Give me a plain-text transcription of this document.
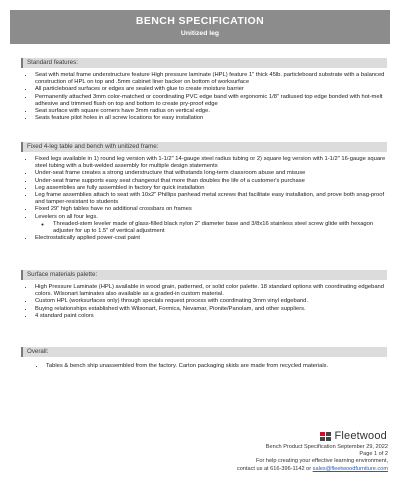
BENCH SPECIFICATION
Unitized leg
Standard features:
• Seat with metal frame understructure feature High pressure laminate (HPL) feature 1" thick 45lb. particleboard substrate with a balanced construction of HPL on top and .5mm cabinet liner backer on bottom of worksurface
• All particleboard surfaces or edges are sealed with glue to create moisture barrier
• Permanently attached 3mm color-matched or coordinating PVC edge band with ergonomic 1/8" radiused top edge bonded with hot-melt adhesive and trimmed flush on top and bottom to create pry-proof edge
• Seat surface with square corners have 3mm radius on vertical edge.
• Seats feature pilot holes in all screw locations for easy installation
Fixed 4-leg table and bench with unitized frame:
• Fixed legs available in 1) round leg version with 1-1/2" 14-gauge steel radius tubing or 2) square leg version with 1-1/2" 16-gauge square steel tubing with a butt-welded assembly for multiple design statements
• Under-seat frame creates a strong understructure that withstands long-term classroom abuse and misuse
• Under-seat frame supports easy seat changeout that more than doubles the life of a customer's purchase
• Leg assemblies are fully assembled in factory for quick installation
• Leg frame assemblies attach to seat with 10x2" Phillips panhead metal screws that facilitate easy installation, and prove both snag-proof and tamper-resistant to students
• Fixed 29" high tables have no additional crossbars on frames
• Levelers on all four legs.
◦ Threaded-stem leveler made of glass-filled black nylon 2" diameter base and 3/8x16 stainless steel screw glide with hexagon adjuster for up to 1.5" of vertical adjustment
• Electrostatically applied power-coat paint
Surface materials palette:
• High Pressure Laminate (HPL) available in wood grain, patterned, or solid color palette. 18 standard options with coordinating edgeband colors. Wilsonart laminates also available as a graded-in custom material.
• Custom HPL (worksurfaces only) through specials request process with coordinating 3mm vinyl edgeband.
• Buying relationships established with Wilsonart, Formica, Nevamar, Pionite/Panolam, and other suppliers.
• 4 standard paint colors
Overall:
• Tables & bench ship unassembled from the factory. Carton packaging skids are made from recycled materials.
Fleetwood
Bench Product Specification September 29, 2022
Page 1 of 2
For help creating your effective learning environment,
contact us at 616-396-1142 or sales@fleetwoodfurniture.com
